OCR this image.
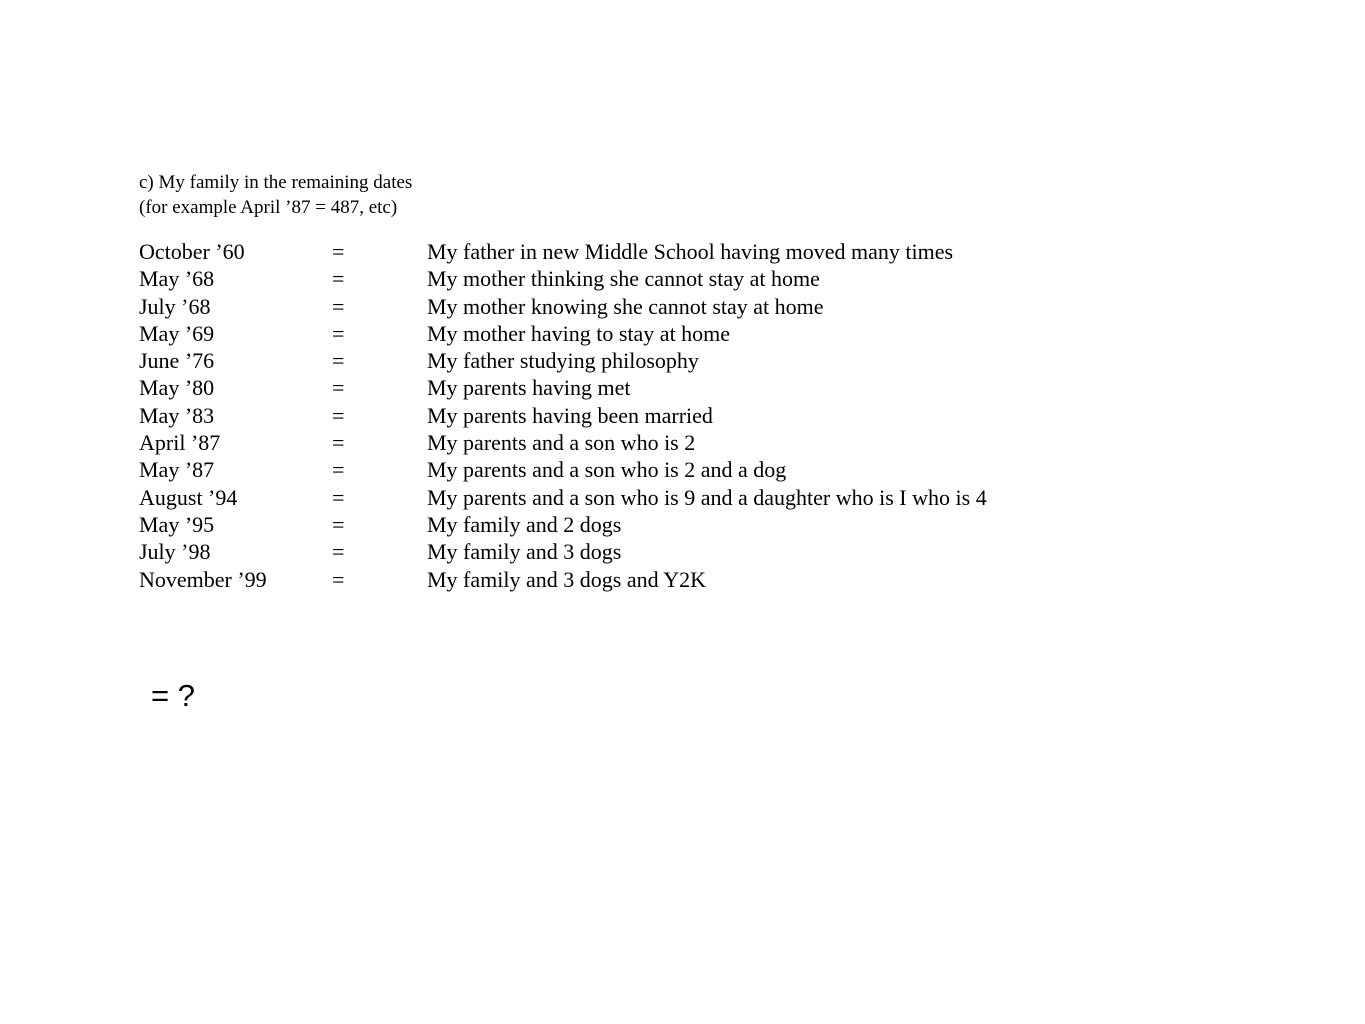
c) My family in the remaining dates
(for example April ’87 = 487, etc)
October ’60	=	My father in new Middle School having moved many times
May ’68	=	My mother thinking she cannot stay at home
July ’68	=	My mother knowing she cannot stay at home
May ’69	=	My mother having to stay at home
June ’76	=	My father studying philosophy
May ’80	=	My parents having met
May ’83	=	My parents having been married
April ’87	=	My parents and a son who is 2
May ’87	=	My parents and a son who is 2 and a dog
August ’94	=	My parents and a son who is 9 and a daughter who is I who is 4
May ’95	=	My family and 2 dogs
July ’98	=	My family and 3 dogs
November ’99	=	My family and 3 dogs and Y2K
= ?
